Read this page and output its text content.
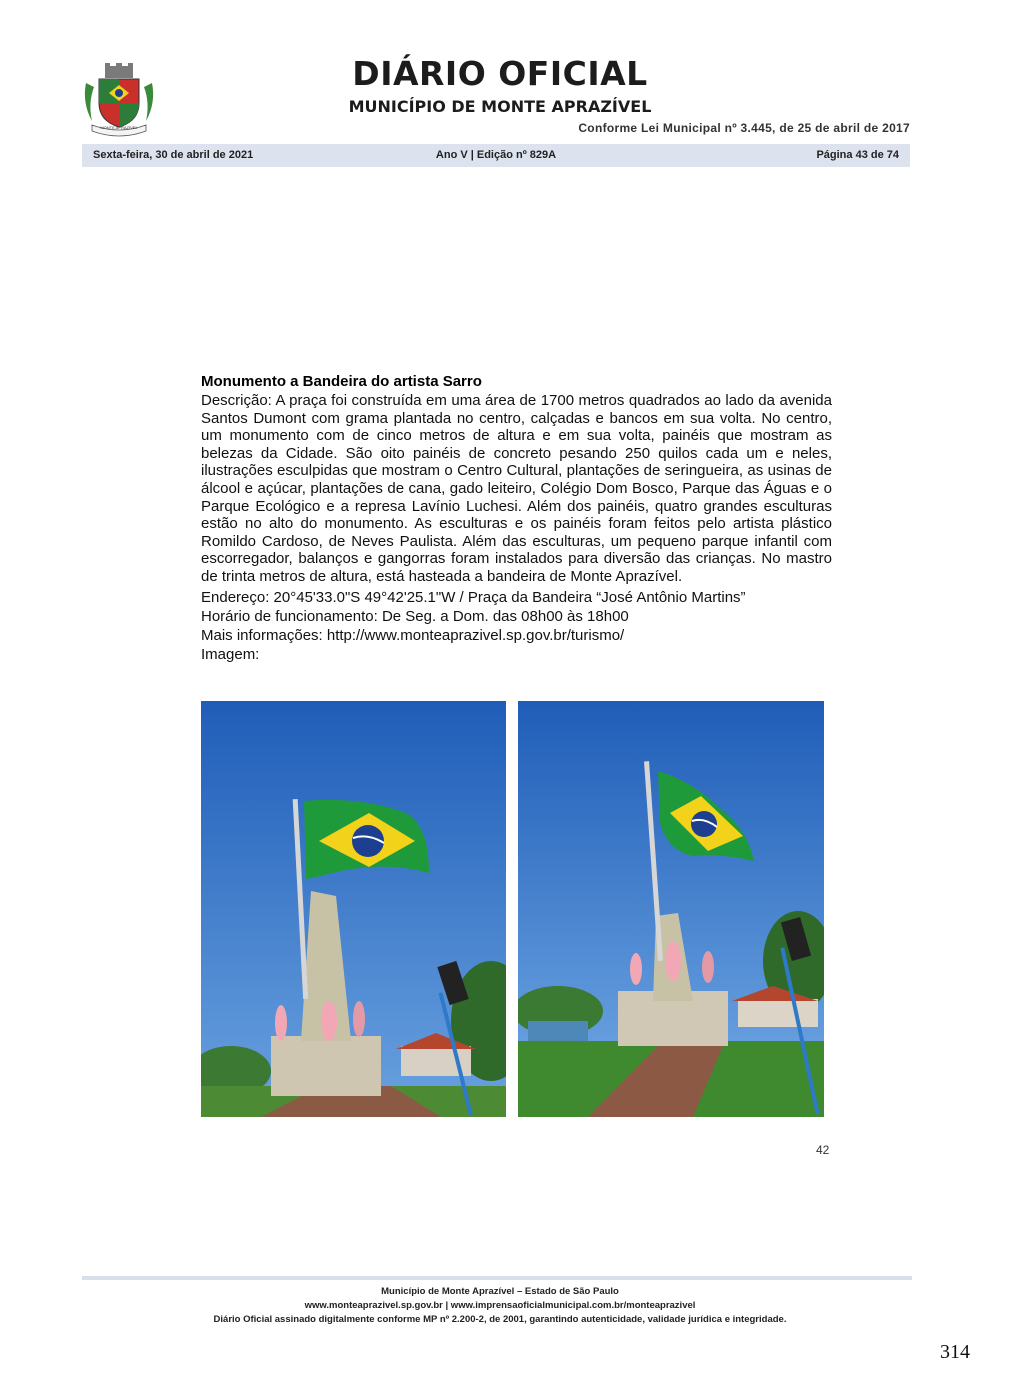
MONTE APRAZÍVEL
DIÁRIO OFICIAL
MUNICÍPIO DE MONTE APRAZÍVEL
Conforme Lei Municipal nº 3.445, de 25 de abril de 2017
Sexta-feira, 30 de abril de 2021	Ano V | Edição nº 829A	Página 43 de 74

Monumento a Bandeira do artista Sarro

Descrição: A praça foi construída em uma área de 1700 metros quadrados ao lado da avenida Santos Dumont com grama plantada no centro, calçadas e bancos em sua volta. No centro, um monumento com de cinco metros de altura e em sua volta, painéis que mostram as belezas da Cidade. São oito painéis de concreto pesando 250 quilos cada um e neles, ilustrações esculpidas que mostram o Centro Cultural, plantações de seringueira, as usinas de álcool e açúcar, plantações de cana, gado leiteiro, Colégio Dom Bosco, Parque das Águas e o Parque Ecológico e a represa Lavínio Luchesi. Além dos painéis, quatro grandes esculturas estão no alto do monumento. As esculturas e os painéis foram feitos pelo artista plástico Romildo Cardoso, de Neves Paulista. Além das esculturas, um pequeno parque infantil com escorregador, balanços e gangorras foram instalados para diversão das crianças. No mastro de trinta metros de altura, está hasteada a bandeira de Monte Aprazível.

Endereço: 20°45'33.0"S 49°42'25.1"W / Praça da Bandeira “José Antônio Martins”

Horário de funcionamento: De Seg. a Dom. das 08h00 às 18h00

Mais informações: http://www.monteaprazivel.sp.gov.br/turismo/

Imagem:

42
Município de Monte Aprazível – Estado de São Paulo
www.monteaprazivel.sp.gov.br | www.imprensaoficialmunicipal.com.br/monteaprazivel
Diário Oficial assinado digitalmente conforme MP nº 2.200-2, de 2001, garantindo autenticidade, validade jurídica e integridade.
314
